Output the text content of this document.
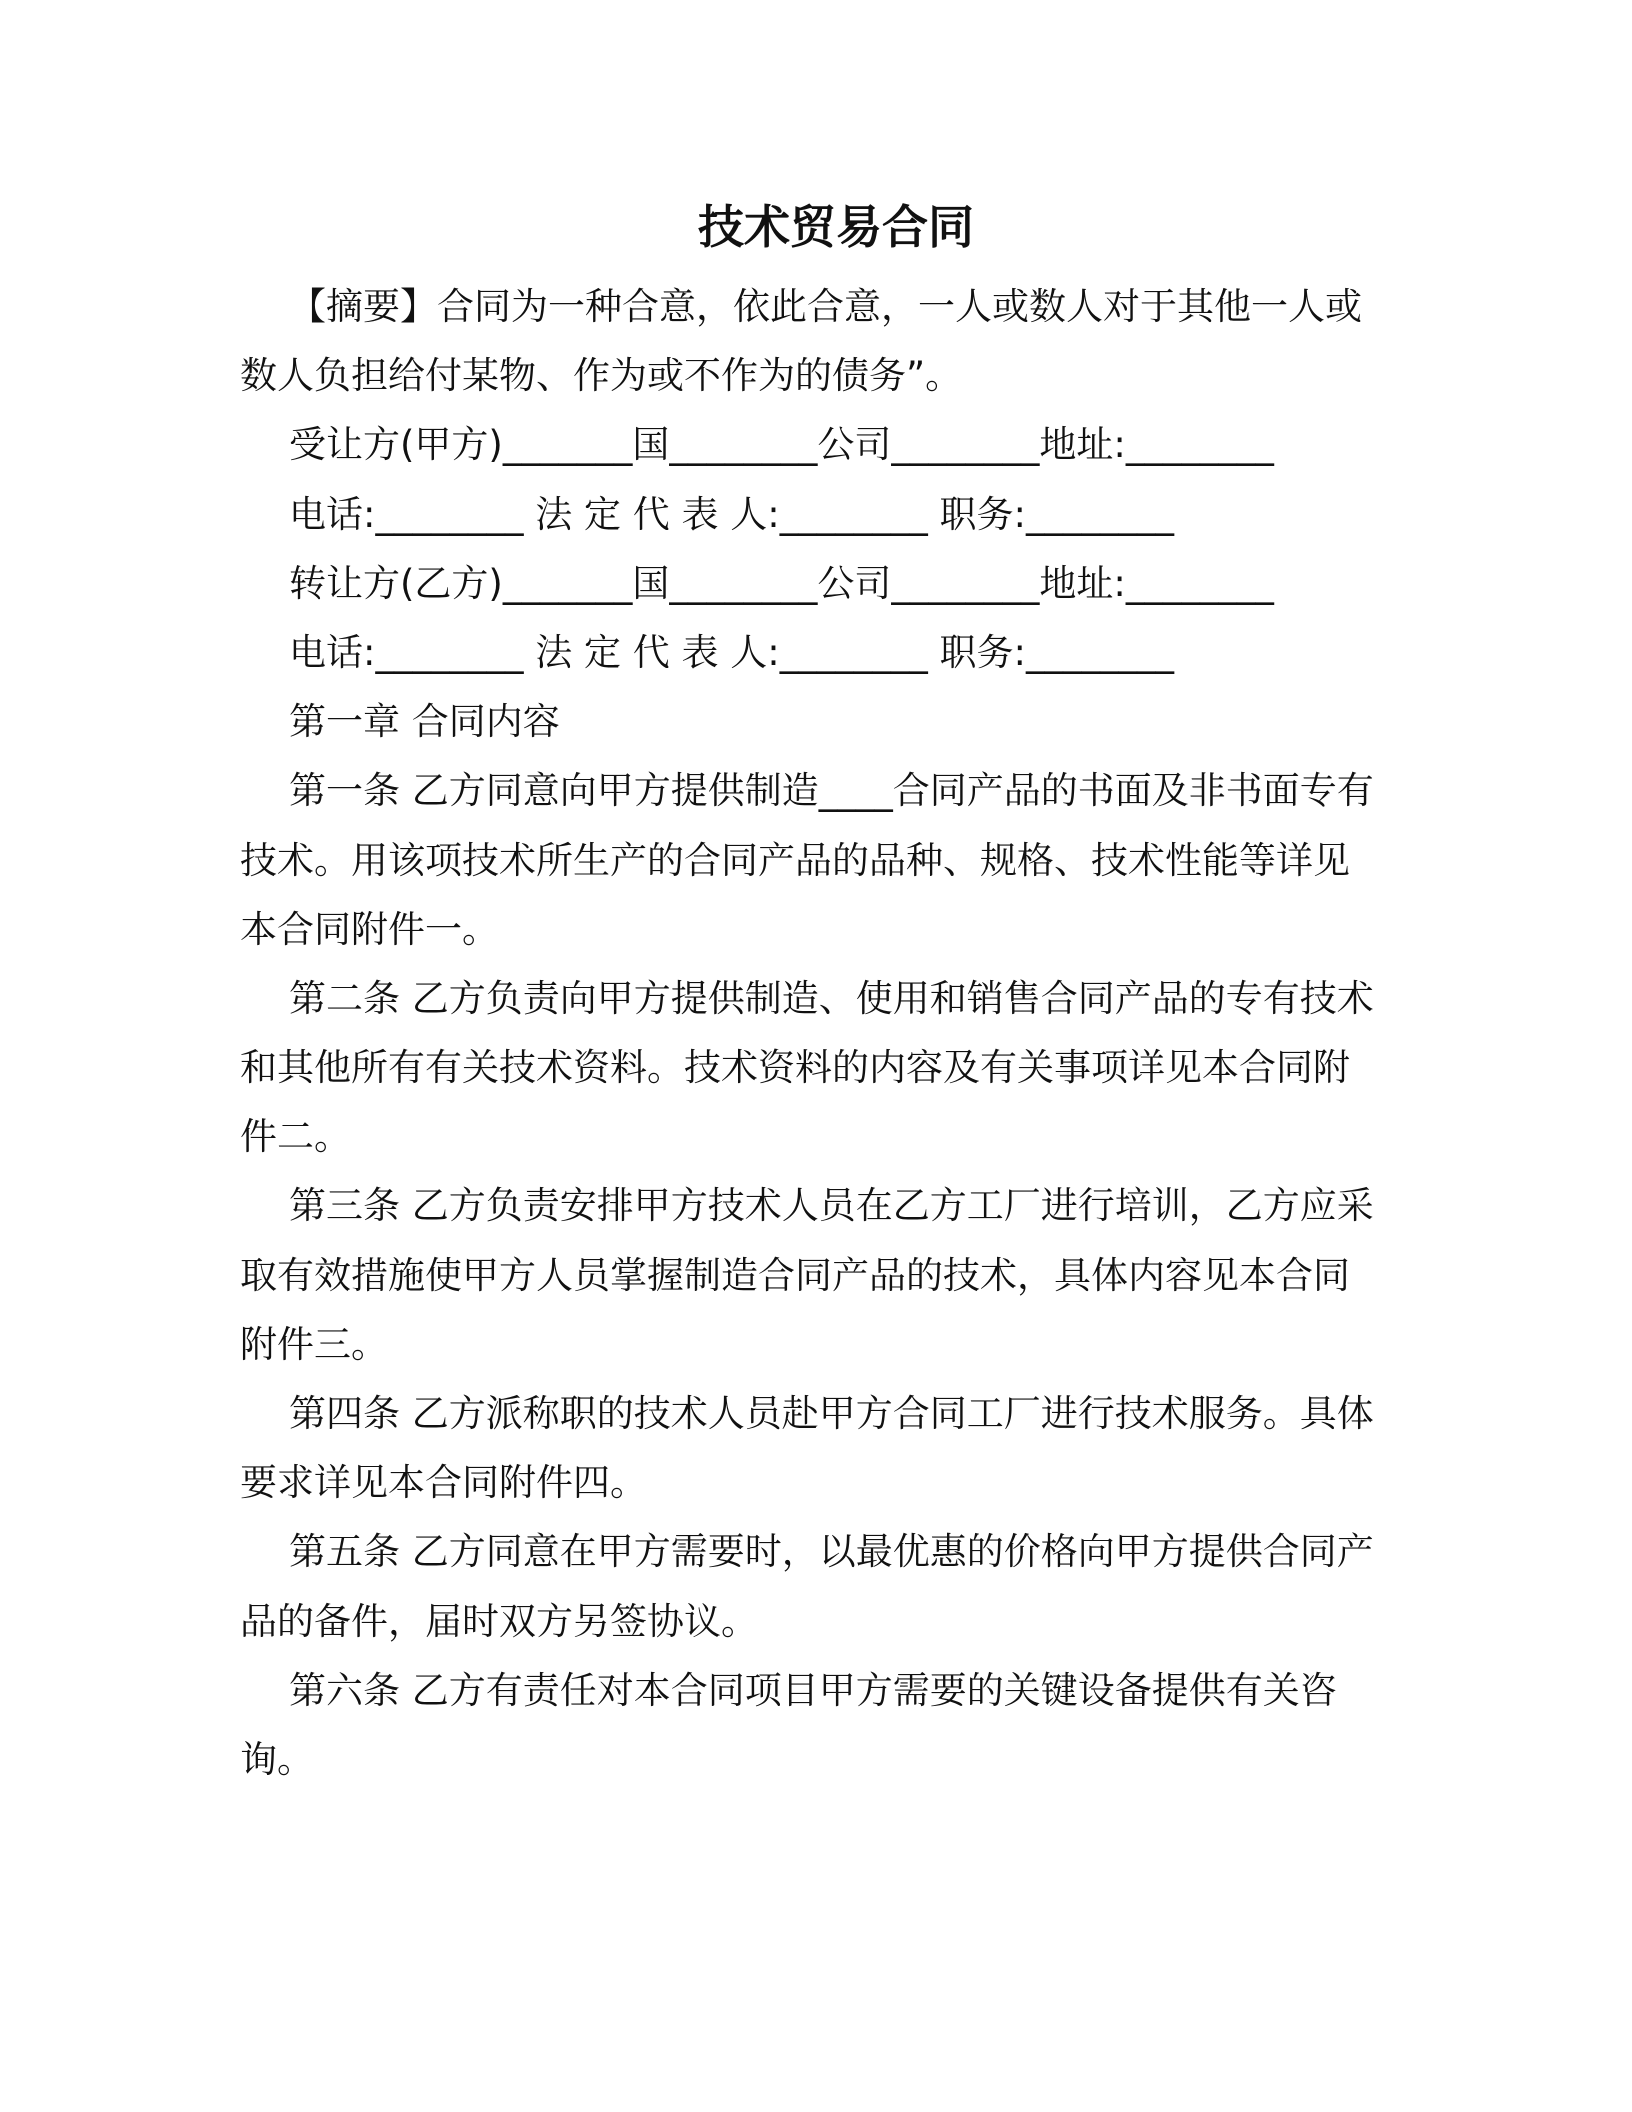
技术贸易合同
【摘要】合同为一种合意，依此合意，一人或数人对于其他一人或
数人负担给付某物、作为或不作为的债务”。
受让方(甲方)_______国________公司________地址:________
电话:________ 法 定 代 表 人:________ 职务:________
转让方(乙方)_______国________公司________地址:________
电话:________ 法 定 代 表 人:________ 职务:________
第一章 合同内容
第一条 乙方同意向甲方提供制造____合同产品的书面及非书面专有
技术。用该项技术所生产的合同产品的品种、规格、技术性能等详见
本合同附件一。
第二条 乙方负责向甲方提供制造、使用和销售合同产品的专有技术
和其他所有有关技术资料。技术资料的内容及有关事项详见本合同附
件二。
第三条 乙方负责安排甲方技术人员在乙方工厂进行培训，乙方应采
取有效措施使甲方人员掌握制造合同产品的技术，具体内容见本合同
附件三。
第四条 乙方派称职的技术人员赴甲方合同工厂进行技术服务。具体
要求详见本合同附件四。
第五条 乙方同意在甲方需要时，以最优惠的价格向甲方提供合同产
品的备件，届时双方另签协议。
第六条 乙方有责任对本合同项目甲方需要的关键设备提供有关咨
询。
